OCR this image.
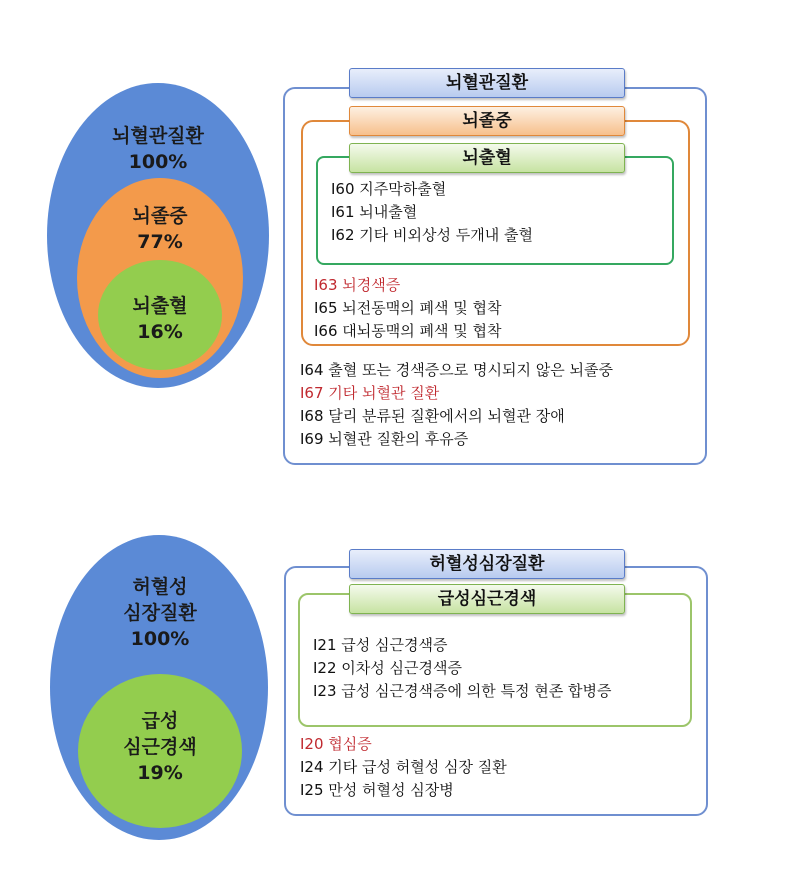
뇌혈관질환
100%
뇌졸중
77%
뇌출혈
16%
뇌혈관질환
뇌졸중
뇌출혈
I60 지주막하출혈
I61 뇌내출혈
I62 기타 비외상성 두개내 출혈
I63 뇌경색증
I65 뇌전동맥의 폐색 및 협착
I66 대뇌동맥의 폐색 및 협착
I64 출혈 또는 경색증으로 명시되지 않은 뇌졸중
I67 기타 뇌혈관 질환
I68 달리 분류된 질환에서의 뇌혈관 장애
I69 뇌혈관 질환의 후유증
허혈성
심장질환
100%
급성
심근경색
19%
허혈성심장질환
급성심근경색
I21 급성 심근경색증
I22 이차성 심근경색증
I23 급성 심근경색증에 의한 특정 현존 합병증
I20 협심증
I24 기타 급성 허혈성 심장 질환
I25 만성 허혈성 심장병
